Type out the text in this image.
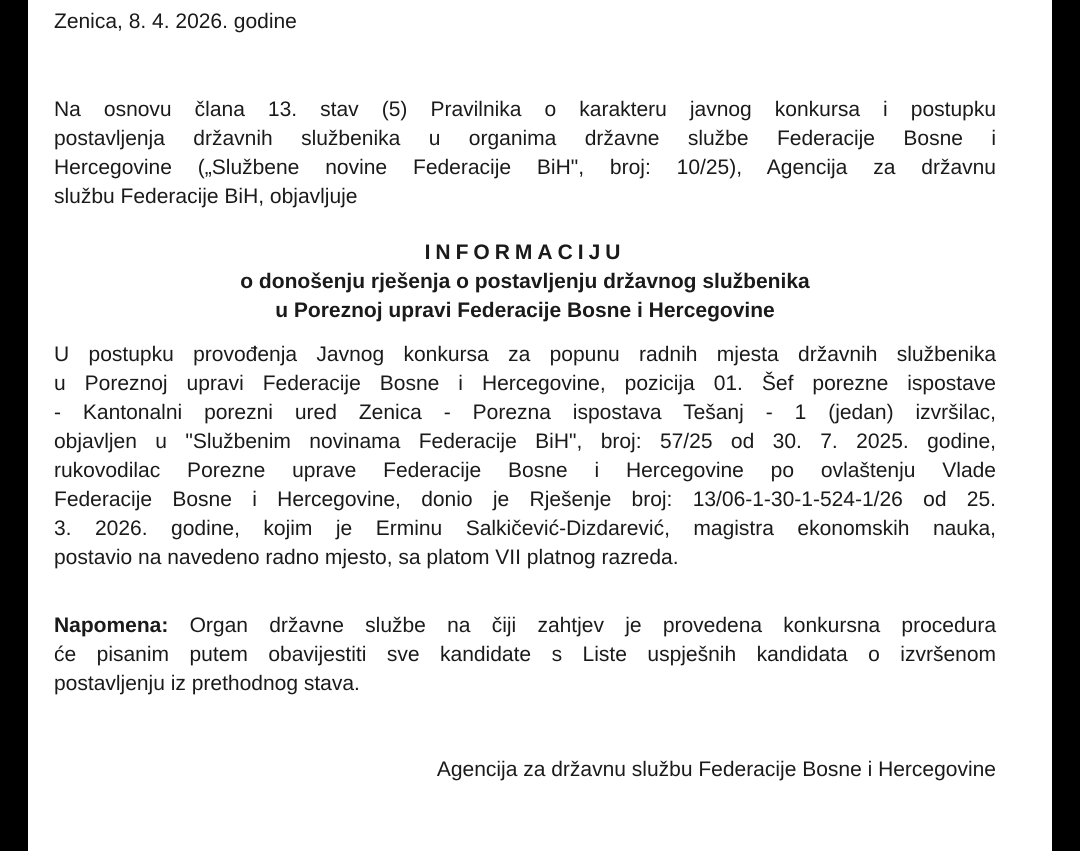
Zenica, 8. 4. 2026. godine
Na osnovu člana 13. stav (5) Pravilnika o karakteru javnog konkursa i postupku
postavljenja državnih službenika u organima državne službe Federacije Bosne i
Hercegovine („Službene novine Federacije BiH", broj: 10/25), Agencija za državnu
službu Federacije BiH, objavljuje
INFORMACIJU
o donošenju rješenja o postavljenju državnog službenika
u Poreznoj upravi Federacije Bosne i Hercegovine
U postupku provođenja Javnog konkursa za popunu radnih mjesta državnih službenika
u Poreznoj upravi Federacije Bosne i Hercegovine, pozicija 01. Šef porezne ispostave
- Kantonalni porezni ured Zenica - Porezna ispostava Tešanj - 1 (jedan) izvršilac,
objavljen u "Službenim novinama Federacije BiH", broj: 57/25 od 30. 7. 2025. godine,
rukovodilac Porezne uprave Federacije Bosne i Hercegovine po ovlaštenju Vlade
Federacije Bosne i Hercegovine, donio je Rješenje broj: 13/06-1-30-1-524-1/26 od 25.
3. 2026. godine, kojim je Erminu Salkičević-Dizdarević, magistra ekonomskih nauka,
postavio na navedeno radno mjesto, sa platom VII platnog razreda.
Napomena: Organ državne službe na čiji zahtjev je provedena konkursna procedura
će pisanim putem obavijestiti sve kandidate s Liste uspješnih kandidata o izvršenom
postavljenju iz prethodnog stava.
Agencija za državnu službu Federacije Bosne i Hercegovine
